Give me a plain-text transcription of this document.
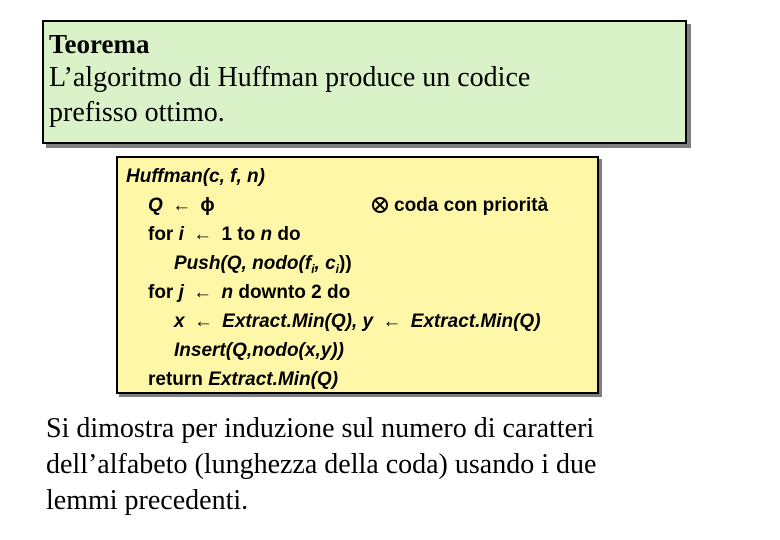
Teorema
L’algoritmo di Huffman produce un codice
prefisso ottimo.
Huffman(c, f, n)
Q ← ϕ	coda con priorità
for i ← 1 to n do
Push(Q, $nodo(f_i$, $c_i$))
for j ← n downto 2 do
x ← Extract.Min(Q), y ← Extract.Min(Q)
Insert(Q,nodo(x,y))
return Extract.Min(Q)
Si dimostra per induzione sul numero di caratteri
dell’alfabeto (lunghezza della coda) usando i due
lemmi precedenti.
